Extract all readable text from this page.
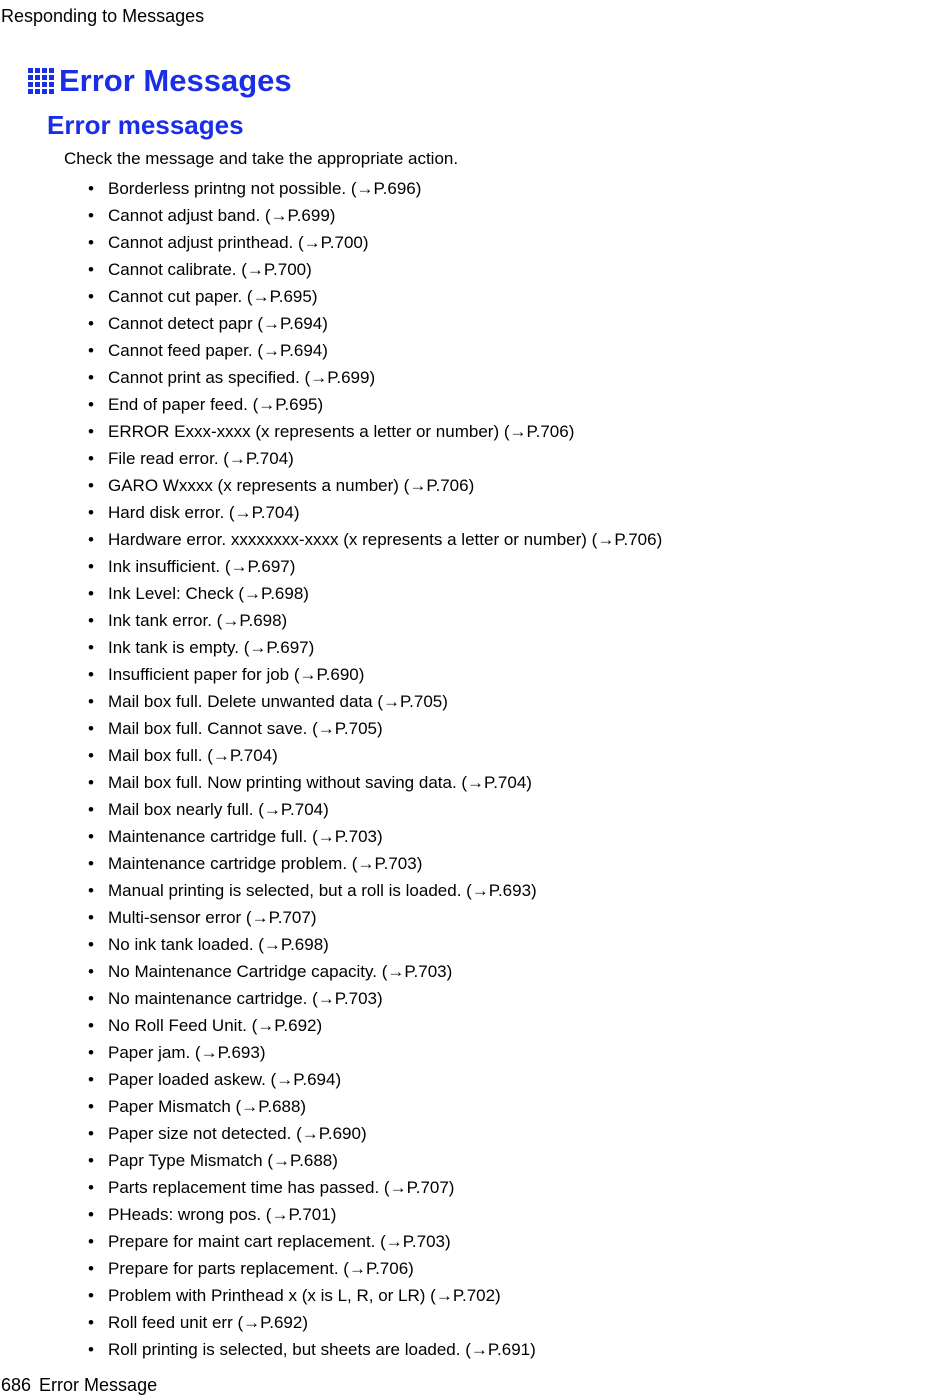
Responding to Messages
Error Messages
Error messages
Check the message and take the appropriate action.
• Borderless printng not possible. (→P.696)
• Cannot adjust band. (→P.699)
• Cannot adjust printhead. (→P.700)
• Cannot calibrate. (→P.700)
• Cannot cut paper. (→P.695)
• Cannot detect papr (→P.694)
• Cannot feed paper. (→P.694)
• Cannot print as specified. (→P.699)
• End of paper feed. (→P.695)
• ERROR Exxx-xxxx (x represents a letter or number) (→P.706)
• File read error. (→P.704)
• GARO Wxxxx (x represents a number) (→P.706)
• Hard disk error. (→P.704)
• Hardware error. xxxxxxxx-xxxx (x represents a letter or number) (→P.706)
• Ink insufficient. (→P.697)
• Ink Level: Check (→P.698)
• Ink tank error. (→P.698)
• Ink tank is empty. (→P.697)
• Insufficient paper for job (→P.690)
• Mail box full. Delete unwanted data (→P.705)
• Mail box full. Cannot save. (→P.705)
• Mail box full. (→P.704)
• Mail box full. Now printing without saving data. (→P.704)
• Mail box nearly full. (→P.704)
• Maintenance cartridge full. (→P.703)
• Maintenance cartridge problem. (→P.703)
• Manual printing is selected, but a roll is loaded. (→P.693)
• Multi-sensor error (→P.707)
• No ink tank loaded. (→P.698)
• No Maintenance Cartridge capacity. (→P.703)
• No maintenance cartridge. (→P.703)
• No Roll Feed Unit. (→P.692)
• Paper jam. (→P.693)
• Paper loaded askew. (→P.694)
• Paper Mismatch (→P.688)
• Paper size not detected. (→P.690)
• Papr Type Mismatch (→P.688)
• Parts replacement time has passed. (→P.707)
• PHeads: wrong pos. (→P.701)
• Prepare for maint cart replacement. (→P.703)
• Prepare for parts replacement. (→P.706)
• Problem with Printhead x (x is L, R, or LR) (→P.702)
• Roll feed unit err (→P.692)
• Roll printing is selected, but sheets are loaded. (→P.691)
686 Error Message
